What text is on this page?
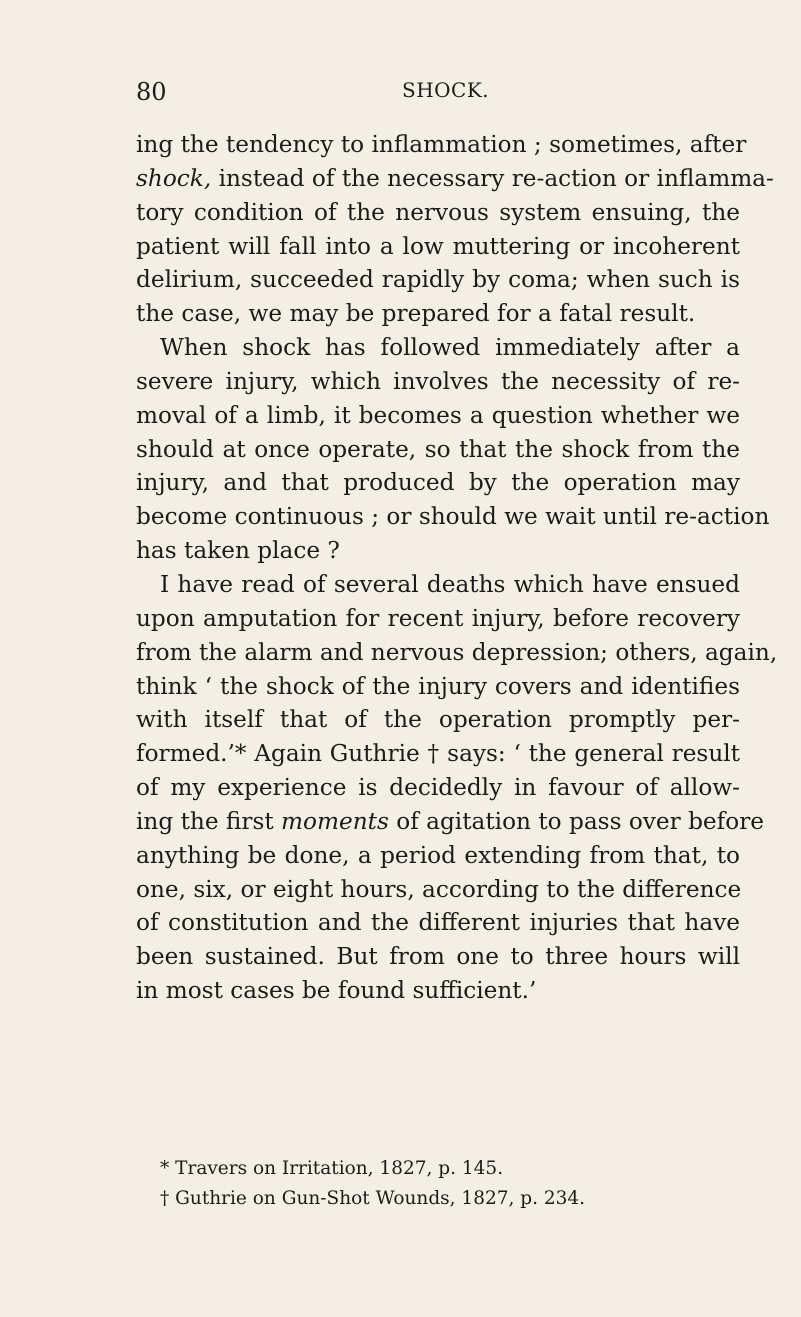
80	SHOCK.
ing the tendency to inflammation ; sometimes, after
shock, instead of the necessary re-action or inflamma-
tory condition of the nervous system ensuing, the
patient will fall into a low muttering or incoherent
delirium, succeeded rapidly by coma; when such is
the case, we may be prepared for a fatal result.
When shock has followed immediately after a
severe injury, which involves the necessity of re-
moval of a limb, it becomes a question whether we
should at once operate, so that the shock from the
injury, and that produced by the operation may
become continuous ; or should we wait until re-action
has taken place ?
I have read of several deaths which have ensued
upon amputation for recent injury, before recovery
from the alarm and nervous depression; others, again,
think ‘ the shock of the injury covers and identifies
with itself that of the operation promptly per-
formed.’* Again Guthrie † says: ‘ the general result
of my experience is decidedly in favour of allow-
ing the first moments of agitation to pass over before
anything be done, a period extending from that, to
one, six, or eight hours, according to the difference
of constitution and the different injuries that have
been sustained. But from one to three hours will
in most cases be found sufficient.’
* Travers on Irritation, 1827, p. 145.
† Guthrie on Gun-Shot Wounds, 1827, p. 234.
